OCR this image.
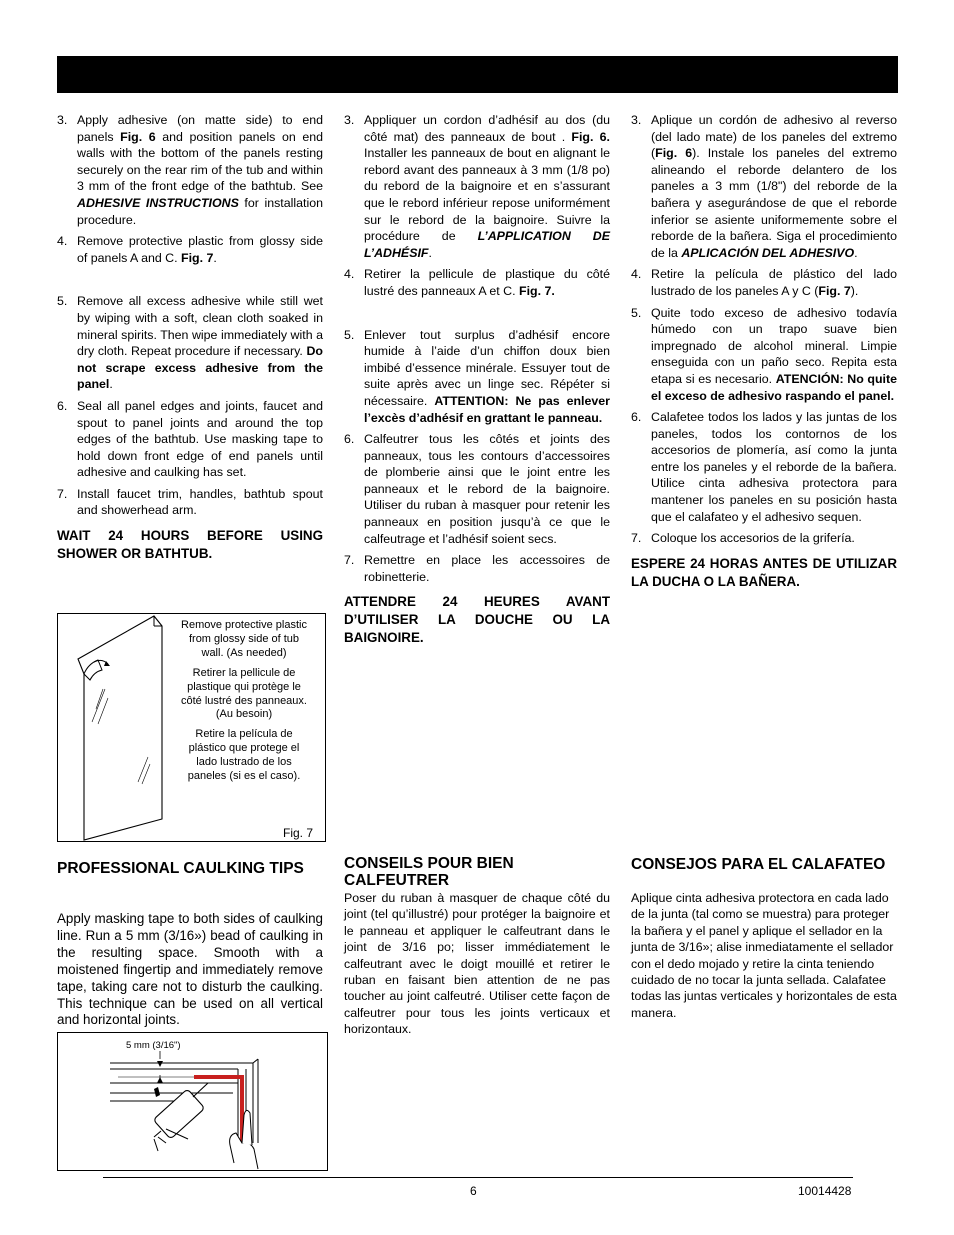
3. Apply adhesive (on matte side) to end panels Fig. 6 and position panels on end walls with the bottom of the panels resting securely on the rear rim of the tub and within 3 mm of the front edge of the bathtub. See ADHESIVE INSTRUCTIONS for installation procedure.
4. Remove protective plastic from glossy side of panels A and C. Fig. 7.
5. Remove all excess adhesive while still wet by wiping with a soft, clean cloth soaked in mineral spirits. Then wipe immediately with a dry cloth. Repeat procedure if necessary. Do not scrape excess adhesive from the panel.
6. Seal all panel edges and joints, faucet and spout to panel joints and around the top edges of the bathtub. Use masking tape to hold down front edge of end panels until adhesive and caulking has set.
7. Install faucet trim, handles, bathtub spout and showerhead arm.
WAIT 24 HOURS BEFORE USING SHOWER OR BATHTUB.
3. Appliquer un cordon d’adhésif au dos (du côté mat) des panneaux de bout . Fig. 6. Installer les panneaux de bout en alignant le rebord avant des panneaux à 3 mm (1/8 po) du rebord de la baignoire et en s’assurant que le rebord inférieur repose uniformément sur le rebord de la baignoire. Suivre la procédure de L’APPLICATION DE L’ADHÉSIF.
4. Retirer la pellicule de plastique du côté lustré des panneaux A et C. Fig. 7.
5. Enlever tout surplus d’adhésif encore humide à l’aide d’un chiffon doux bien imbibé d’essence minérale. Essuyer tout de suite après avec un linge sec. Répéter si nécessaire. ATTENTION: Ne pas enlever l’excès d’adhésif en grattant le panneau.
6. Calfeutrer tous les côtés et joints des panneaux, tous les contours d’accessoires de plomberie ainsi que le joint entre les panneaux et le rebord de la baignoire. Utiliser du ruban à masquer pour retenir les panneaux en position jusqu’à ce que le calfeutrage et l’adhésif soient secs.
7. Remettre en place les accessoires de robinetterie.
ATTENDRE 24 HEURES AVANT D’UTILISER LA DOUCHE OU LA BAIGNOIRE.
3. Aplique un cordón de adhesivo al reverso (del lado mate) de los paneles del extremo (Fig. 6). Instale los paneles del extremo alineando el reborde delantero de los paneles a 3 mm (1/8") del reborde de la bañera y asegurándose de que el reborde inferior se asiente uniformemente sobre el reborde de la bañera. Siga el procedimiento de la APLICACIÓN DEL ADHESIVO.
4. Retire la película de plástico del lado lustrado de los paneles A y C (Fig. 7).
5. Quite todo exceso de adhesivo todavía húmedo con un trapo suave bien impregnado de alcohol mineral. Limpie enseguida con un paño seco. Repita esta etapa si es necesario. ATENCIÓN: No quite el exceso de adhesivo raspando el panel.
6. Calafetee todos los lados y las juntas de los paneles, todos los contornos de los accesorios de plomería, así como la junta entre los paneles y el reborde de la bañera. Utilice cinta adhesiva protectora para mantener los paneles en su posición hasta que el calafateo y el adhesivo sequen.
7. Coloque los accesorios de la grifería.
ESPERE 24 HORAS ANTES DE UTILIZAR LA DUCHA O LA BAÑERA.
Remove protective plastic from glossy side of tub wall. (As needed)
Retirer la pellicule de plastique qui protège le côté lustré des panneaux. (Au besoin)
Retire la película de plástico que protege el lado lustrado de los paneles (si es el caso).
Fig. 7
PROFESSIONAL CAULKING TIPS
Apply masking tape to both sides of caulking line. Run a 5 mm (3/16») bead of caulking in the resulting space. Smooth with a moistened fingertip and immediately remove tape, taking care not to disturb the caulking. This technique can be used on all vertical and horizontal joints.
CONSEILS POUR BIEN CALFEUTRER
Poser du ruban à masquer de chaque côté du joint (tel qu’illustré) pour protéger la baignoire et le panneau et appliquer le calfeutrant dans le joint de 3/16 po; lisser immédiatement le calfeutrant avec le doigt mouillé et retirer le ruban en faisant bien attention de ne pas toucher au joint calfeutré. Utiliser cette façon de calfeutrer pour tous les joints verticaux et horizontaux.
CONSEJOS PARA EL CALAFATEO
Aplique cinta adhesiva protectora en cada lado de la junta (tal como se muestra) para proteger la bañera y el panel y aplique el sellador en la junta de 3/16»; alise inmediatamente el sellador con el dedo mojado y retire la cinta teniendo cuidado de no tocar la junta sellada. Calafatee todas las juntas verticales y horizontales de esta manera.
5 mm (3/16")
6	10014428
